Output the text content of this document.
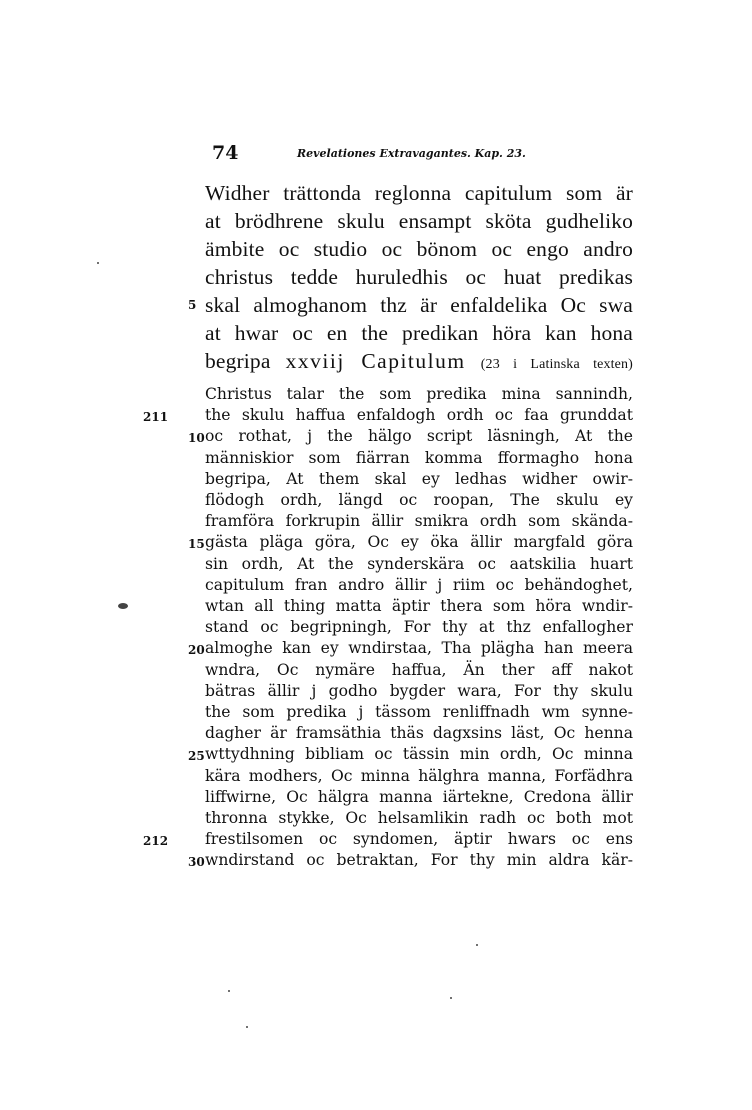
74	Revelationes Extravagantes. Kap. 23.
Widher trättonda reglonna capitulum som är
at brödhrene skulu ensampt sköta gudheliko
ämbite oc studio oc bönom oc engo andro
christus tedde huruledhis oc huat predikas
skal almoghanom thz är enfaldelika Oc swa
at hwar oc en the predikan höra kan hona
begripa xxviij Capitulum (23 i Latinska texten)
Christus talar the som predika mina sannindh,
the skulu haffua enfaldogh ordh oc faa grunddat
oc rothat, j the hälgo script läsningh, At the
människior som fiärran komma fformagho hona
begripa, At them skal ey ledhas widher owir-
flödogh ordh, längd oc roopan, The skulu ey
framföra forkrupin ällir smikra ordh som skända-
gästa pläga göra, Oc ey öka ällir margfald göra
sin ordh, At the synderskära oc aatskilia huart
capitulum fran andro ällir j riim oc behändoghet,
wtan all thing matta äptir thera som höra wndir-
stand oc begripningh, For thy at thz enfallogher
almoghe kan ey wndirstaa, Tha plägha han meera
wndra, Oc nymäre haffua, Än ther aff nakot
bätras ällir j godho bygder wara, For thy skulu
the som predika j tässom renliffnadh wm synne-
dagher är framsäthia thäs dagxsins läst, Oc henna
wttydhning bibliam oc tässin min ordh, Oc minna
kära modhers, Oc minna hälghra manna, Forfädhra
liffwirne, Oc hälgra manna iärtekne, Credona ällir
thronna stykke, Oc helsamlikin radh oc both mot
frestilsomen oc syndomen, äptir hwars oc ens
wndirstand oc betraktan, For thy min aldra kär-
5
10
15
20
25
30
211
212
